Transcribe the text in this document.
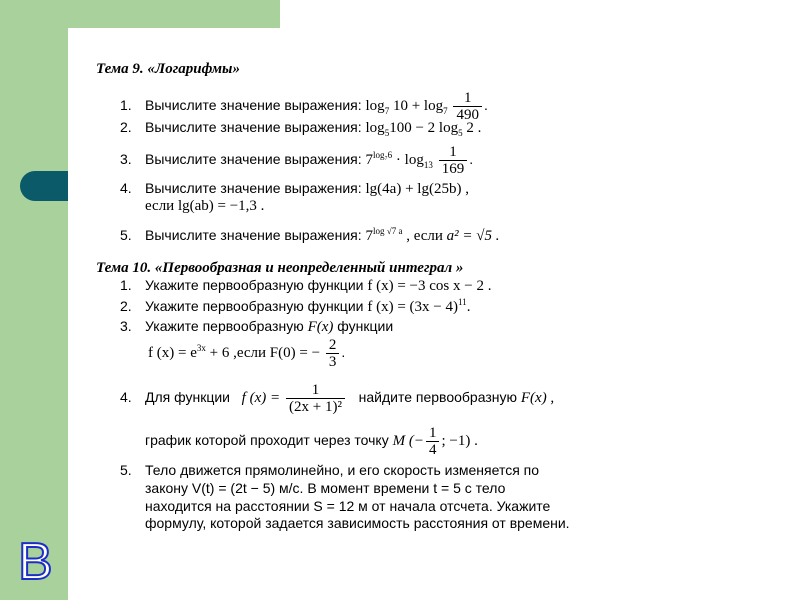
B
Тема 9. «Логарифмы»
1. Вычислите значение выражения: $\log_7 10 + \log_7 \frac{1}{490}$ .
2. Вычислите значение выражения: $\log_5100 - 2$ $\log_5 2$ .
3. Вычислите значение выражения: $7^{log_76} \cdot \log_{13} \frac{1}{169}$ .
4. Вычислите значение выражения: lg(4a) + lg(25b) ,
если lg(ab) = −1,3 .
5. Вычислите значение выражения: $7^{log √7 a}$ , если a² = √5 .
Тема 10. «Первообразная и неопределенный интеграл »
1. Укажите первообразную функции f (x) = −3 cos x − 2 .
2. Укажите первообразную функции f $(x) = (3x - 4)^{11}$.
3. Укажите первообразную F(x) функции
f $(x) = e^{3x} + 6$ ,если F(0) = − $\frac{2}{3}$ .
4. Для функции f $(x) = \frac{1}{\text{(2x + 1)²}}$ найдите первообразную F(x) ,
график которой проходит через точку M (− $\frac{1}{4}$ ; −1) .
5. Тело движется прямолинейно, и его скорость изменяется по
закону V(t) = (2t − 5) м/с. В момент времени t = 5 с тело
находится на расстоянии S = 12 м от начала отсчета. Укажите
формулу, которой задается зависимость расстояния от времени.
